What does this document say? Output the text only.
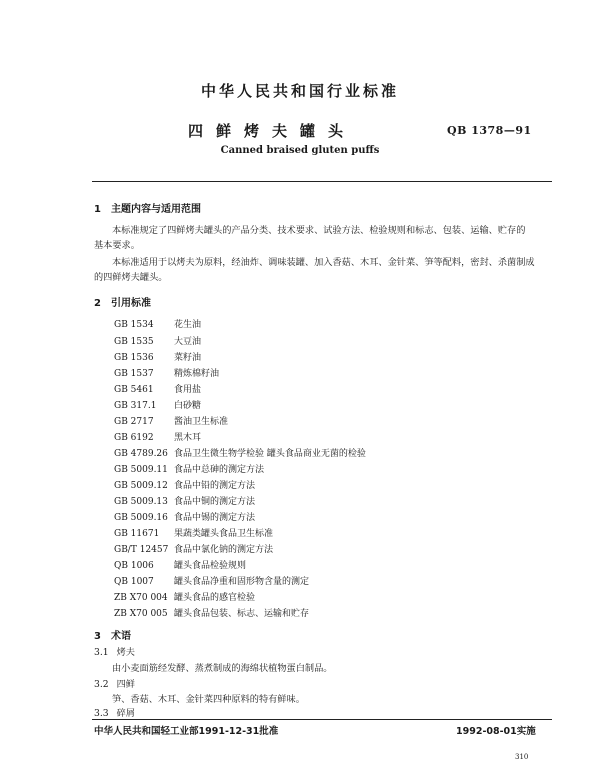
中华人民共和国行业标准
四鲜烤夫罐头	QB 1378—91
Canned braised gluten puffs
1 主题内容与适用范围
本标准规定了四鲜烤夫罐头的产品分类、技术要求、试验方法、检验规则和标志、包装、运输、贮存的
基本要求。
本标准适用于以烤夫为原料，经油炸、调味装罐、加入香菇、木耳、金针菜、笋等配料，密封、杀菌制成
的四鲜烤夫罐头。
2 引用标准
GB 1534 花生油
GB 1535 大豆油
GB 1536 菜籽油
GB 1537 精炼棉籽油
GB 5461 食用盐
GB 317.1 白砂糖
GB 2717 酱油卫生标准
GB 6192 黑木耳
GB 4789.26 食品卫生微生物学检验 罐头食品商业无菌的检验
GB 5009.11 食品中总砷的测定方法
GB 5009.12 食品中铅的测定方法
GB 5009.13 食品中铜的测定方法
GB 5009.16 食品中锡的测定方法
GB 11671 果蔬类罐头食品卫生标准
GB/T 12457 食品中氯化钠的测定方法
QB 1006 罐头食品检验规则
QB 1007 罐头食品净重和固形物含量的测定
ZB X70 004 罐头食品的感官检验
ZB X70 005 罐头食品包装、标志、运输和贮存
3 术语
3.1 烤夫
由小麦面筋经发酵、蒸煮制成的海绵状植物蛋白制品。
3.2 四鲜
笋、香菇、木耳、金针菜四种原料的特有鲜味。
3.3 碎屑
中华人民共和国轻工业部1991-12-31批准	1992-08-01实施
310
